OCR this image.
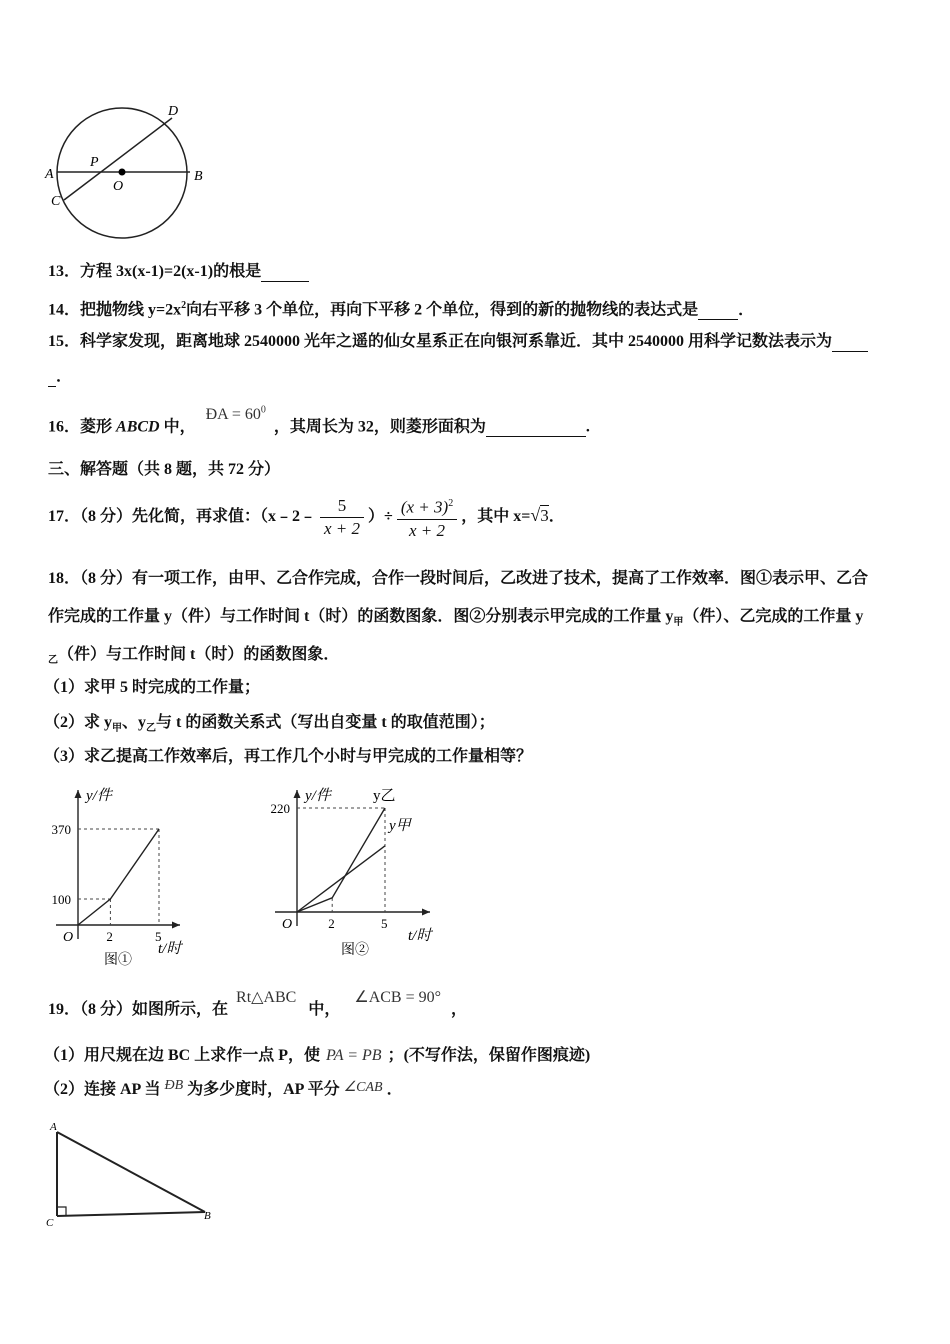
A	B
C
D
P
O
13．方程 3x(x-1)=2(x-1)的根是
14．把抛物线 $y=2x^2$向右平移 3 个单位，再向下平移 2 个单位，得到的新的抛物线的表达式是	．
15．科学家发现，距离地球 2540000 光年之遥的仙女星系正在向银河系靠近．其中 2540000 用科学记数法表示为
．
16．菱形 ABCD 中， ÐA = $60^0$ ，其周长为 32，则菱形面积为	.
三、解答题（共 8 题，共 72 分）
17．（8 分）先化简，再求值：（x﹣2﹣ $\frac{5}{x + 2}$ ）÷ $\frac{(x + 3)^2}{x + 2}$ ，其中 x=√3．
18．（8 分）有一项工作，由甲、乙合作完成，合作一段时间后，乙改进了技术，提高了工作效率．图①表示甲、乙合
作完成的工作量 y（件）与工作时间 t（时）的函数图象．图②分别表示甲完成的工作量 $y_甲$（件）、乙完成的工作量 y
$_乙$（件）与工作时间 t（时）的函数图象．
（1）求甲 5 时完成的工作量；
（2）求 $y_甲$、$y_乙$与 t 的函数关系式（写出自变量 t 的取值范围）；
（3）求乙提高工作效率后，再工作几个小时与甲完成的工作量相等？
y/件
t/时
O	2	5
100
370
图①
y/件
t/时
O	2	5
220
y乙
y甲
图②
19．（8 分）如图所示，在 Rt△ABC 中， ∠ACB = 90° ，
（1）用尺规在边 BC 上求作一点 P，使 PA = PB ；(不写作法，保留作图痕迹)
（2）连接 AP 当 ÐB 为多少度时，AP 平分 ∠CAB ．
A
B
C
